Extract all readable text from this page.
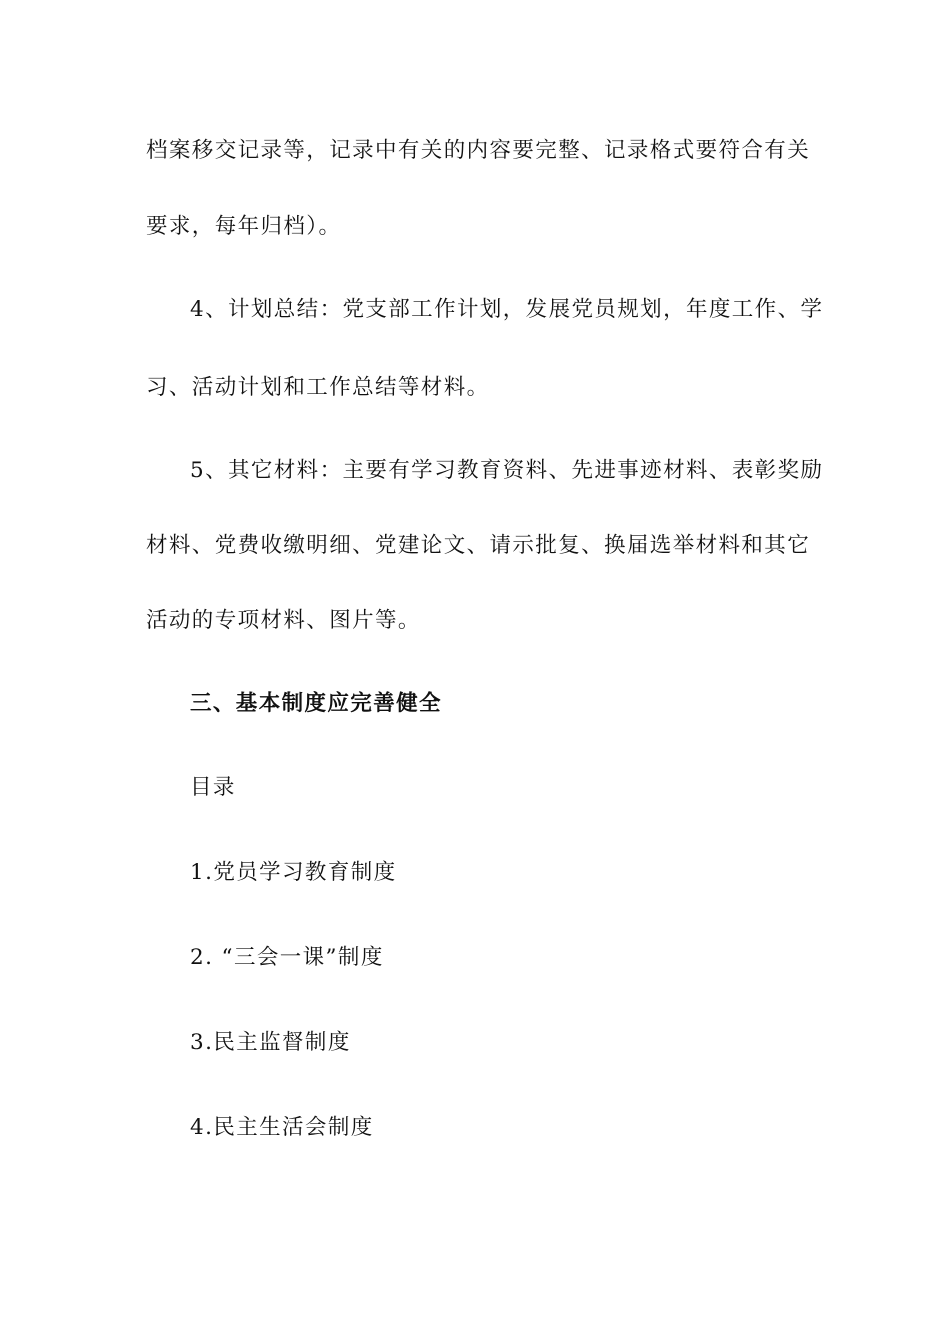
档案移交记录等，记录中有关的内容要完整、记录格式要符合有关
要求，每年归档）。
4、计划总结：党支部工作计划，发展党员规划，年度工作、学
习、活动计划和工作总结等材料。
5、其它材料：主要有学习教育资料、先进事迹材料、表彰奖励
材料、党费收缴明细、党建论文、请示批复、换届选举材料和其它
活动的专项材料、图片等。
三、基本制度应完善健全
目录
1.党员学习教育制度
2. “三会一课”制度
3.民主监督制度
4.民主生活会制度
